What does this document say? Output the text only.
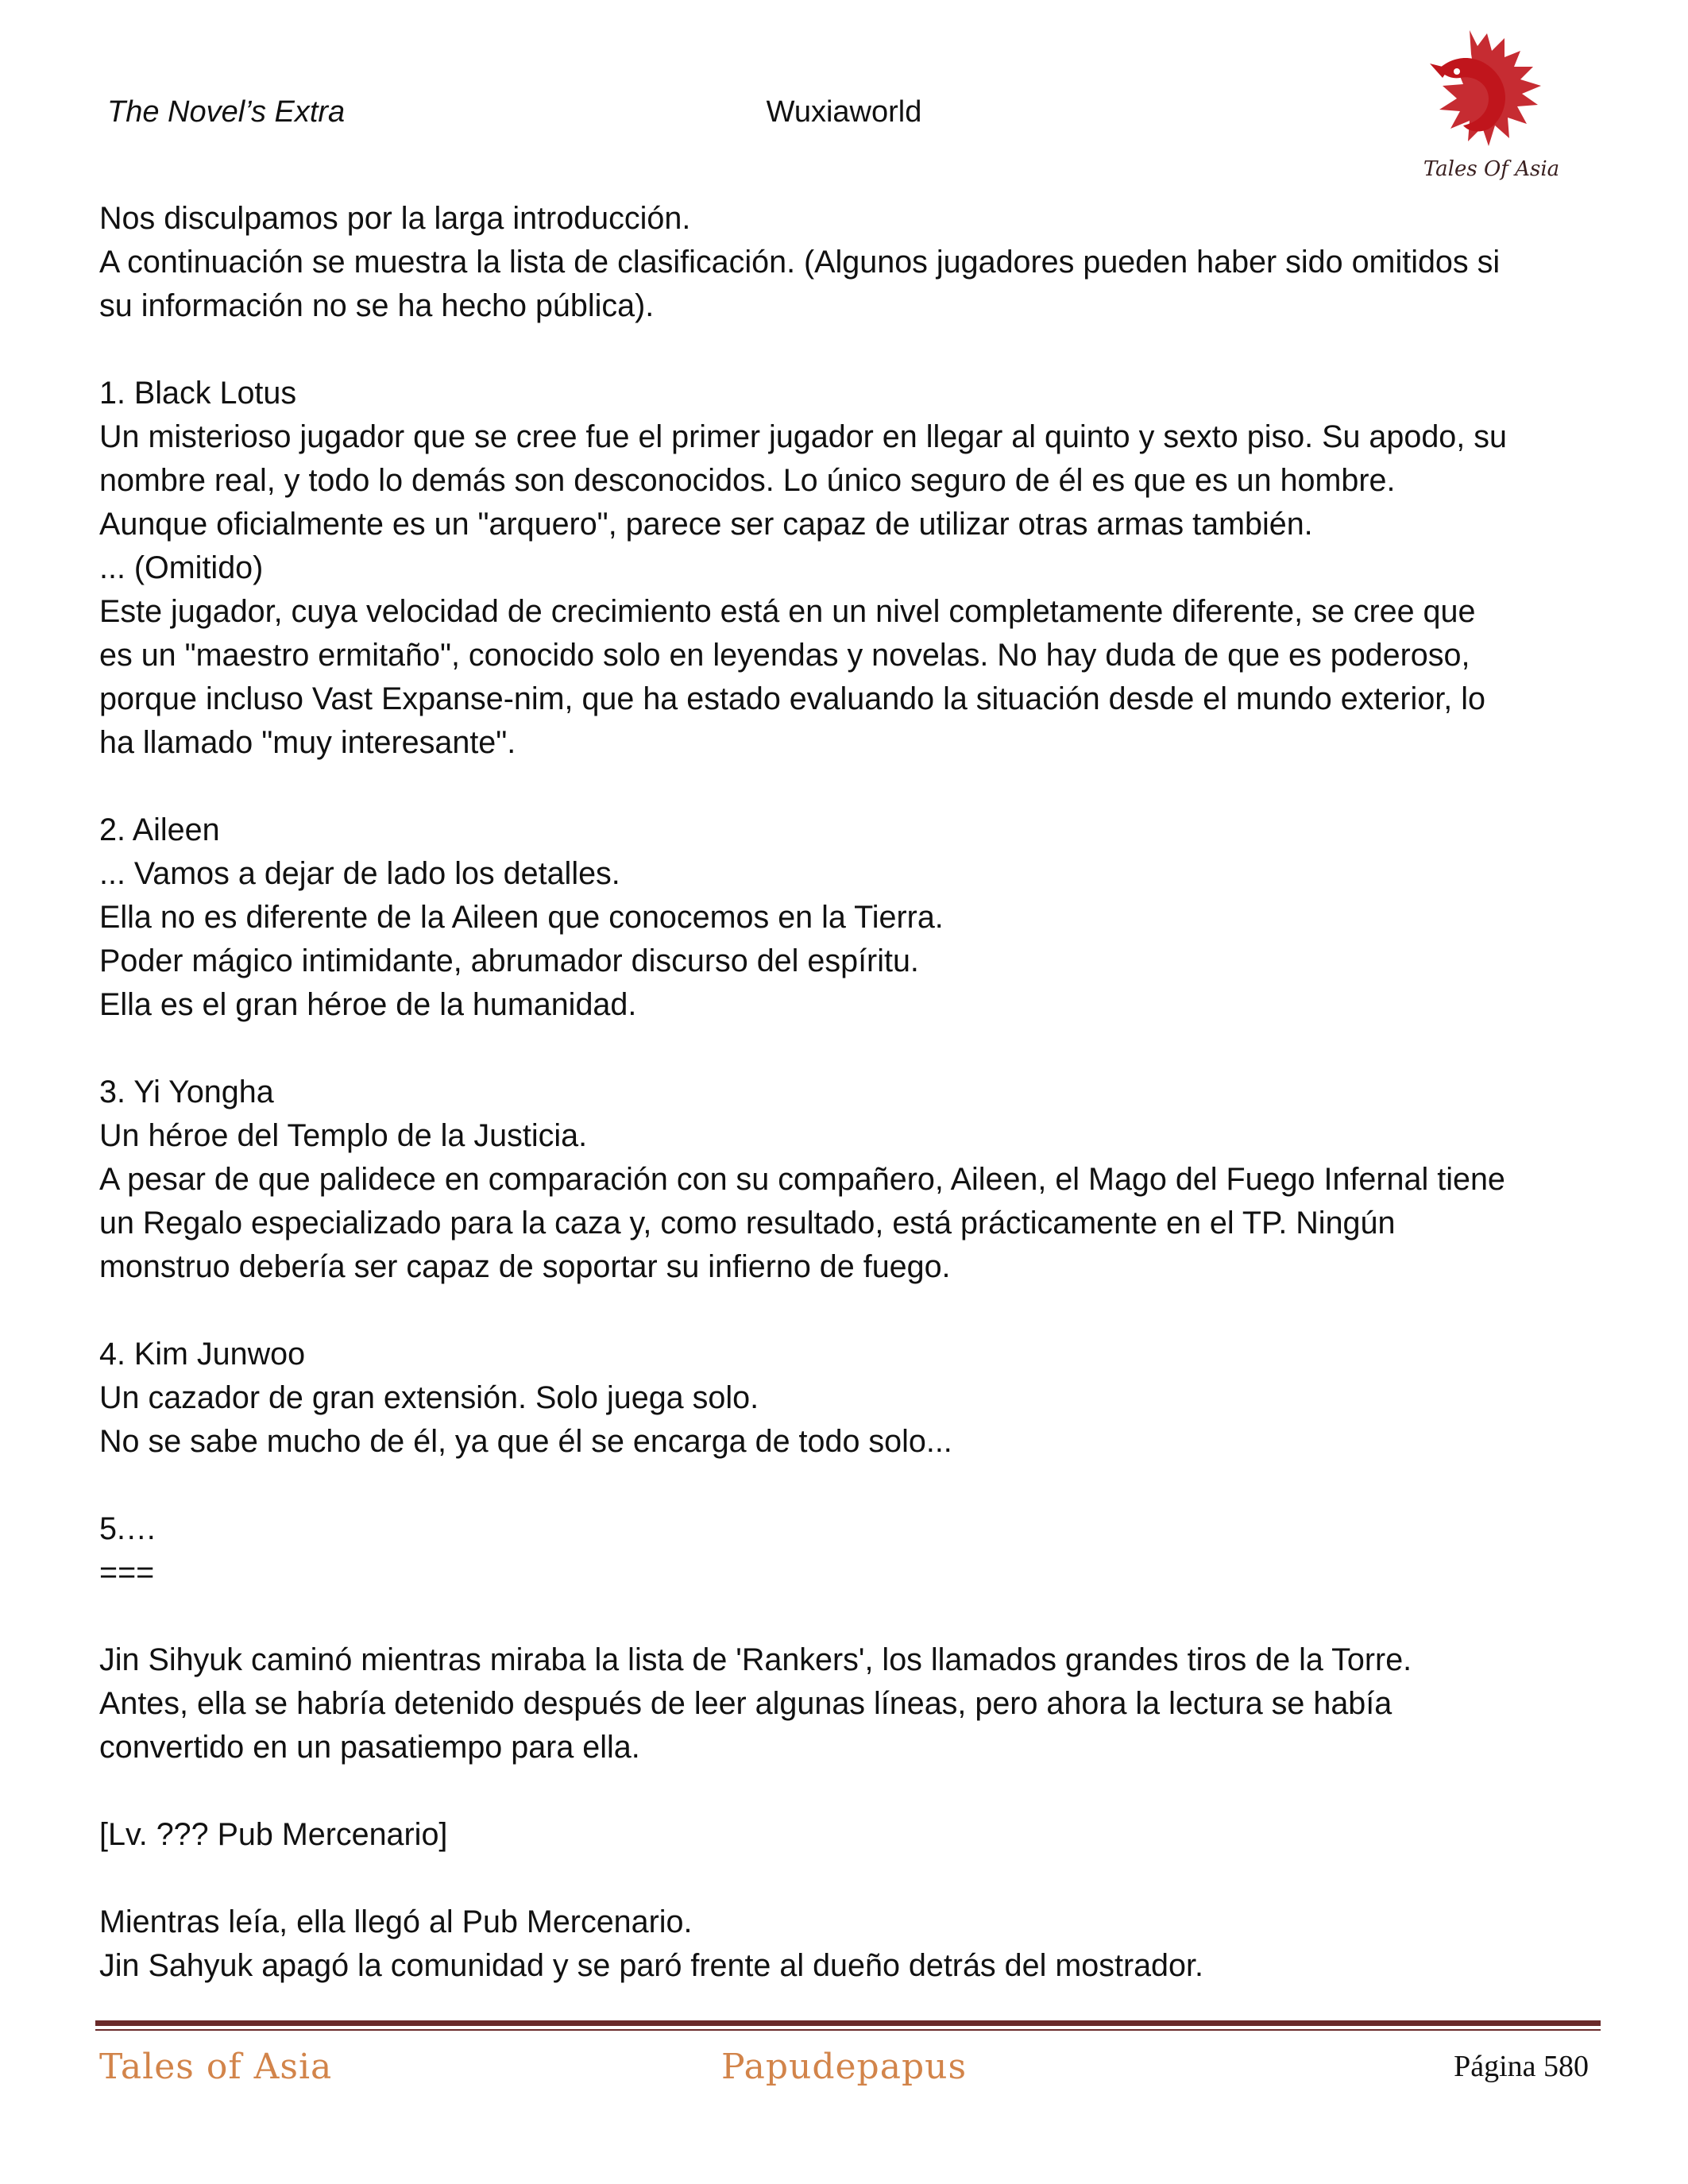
The Novel’s Extra	Wuxiaworld
Tales Of Asia
Nos disculpamos por la larga introducción.
A continuación se muestra la lista de clasificación. (Algunos jugadores pueden haber sido omitidos si
su información no se ha hecho pública).
1. Black Lotus
Un misterioso jugador que se cree fue el primer jugador en llegar al quinto y sexto piso. Su apodo, su
nombre real, y todo lo demás son desconocidos. Lo único seguro de él es que es un hombre.
Aunque oficialmente es un "arquero", parece ser capaz de utilizar otras armas también.
... (Omitido)
Este jugador, cuya velocidad de crecimiento está en un nivel completamente diferente, se cree que
es un "maestro ermitaño", conocido solo en leyendas y novelas. No hay duda de que es poderoso,
porque incluso Vast Expanse-nim, que ha estado evaluando la situación desde el mundo exterior, lo
ha llamado "muy interesante".
2. Aileen
... Vamos a dejar de lado los detalles.
Ella no es diferente de la Aileen que conocemos en la Tierra.
Poder mágico intimidante, abrumador discurso del espíritu.
Ella es el gran héroe de la humanidad.
3. Yi Yongha
Un héroe del Templo de la Justicia.
A pesar de que palidece en comparación con su compañero, Aileen, el Mago del Fuego Infernal tiene
un Regalo especializado para la caza y, como resultado, está prácticamente en el TP. Ningún
monstruo debería ser capaz de soportar su infierno de fuego.
4. Kim Junwoo
Un cazador de gran extensión. Solo juega solo.
No se sabe mucho de él, ya que él se encarga de todo solo...
5.…
===
Jin Sihyuk caminó mientras miraba la lista de 'Rankers', los llamados grandes tiros de la Torre.
Antes, ella se habría detenido después de leer algunas líneas, pero ahora la lectura se había
convertido en un pasatiempo para ella.
[Lv. ??? Pub Mercenario]
Mientras leía, ella llegó al Pub Mercenario.
Jin Sahyuk apagó la comunidad y se paró frente al dueño detrás del mostrador.
Tales of Asia	Papudepapus	Página 580
